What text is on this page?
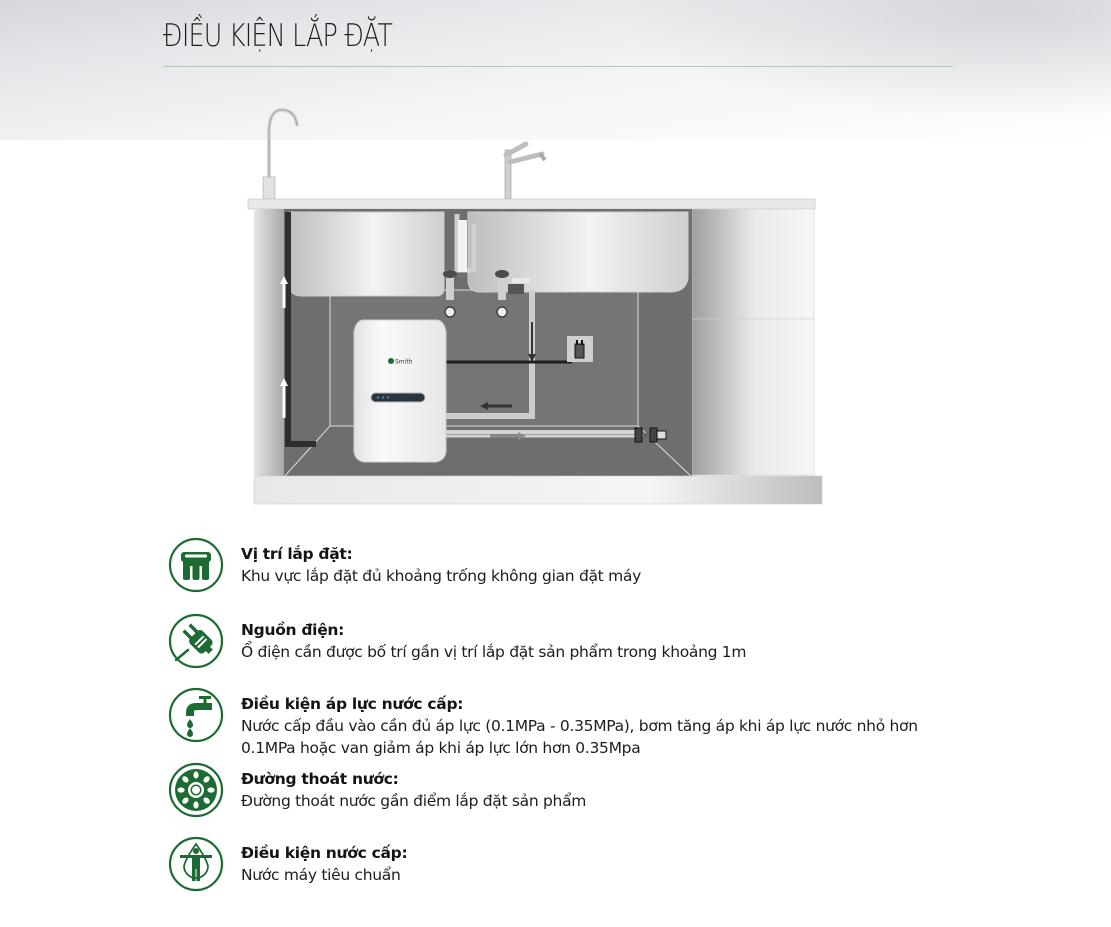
ĐIỀU KIỆN LẮP ĐẶT
Smith
Vị trí lắp đặt:
Khu vực lắp đặt đủ khoảng trống không gian đặt máy
Nguồn điện:
Ổ điện cần được bố trí gần vị trí lắp đặt sản phẩm trong khoảng 1m
Điều kiện áp lực nước cấp:
Nước cấp đầu vào cần đủ áp lực (0.1MPa - 0.35MPa), bơm tăng áp khi áp lực nước nhỏ hơn
0.1MPa hoặc van giảm áp khi áp lực lớn hơn 0.35Mpa
Đường thoát nước:
Đường thoát nước gần điểm lắp đặt sản phẩm
Điều kiện nước cấp:
Nước máy tiêu chuẩn
